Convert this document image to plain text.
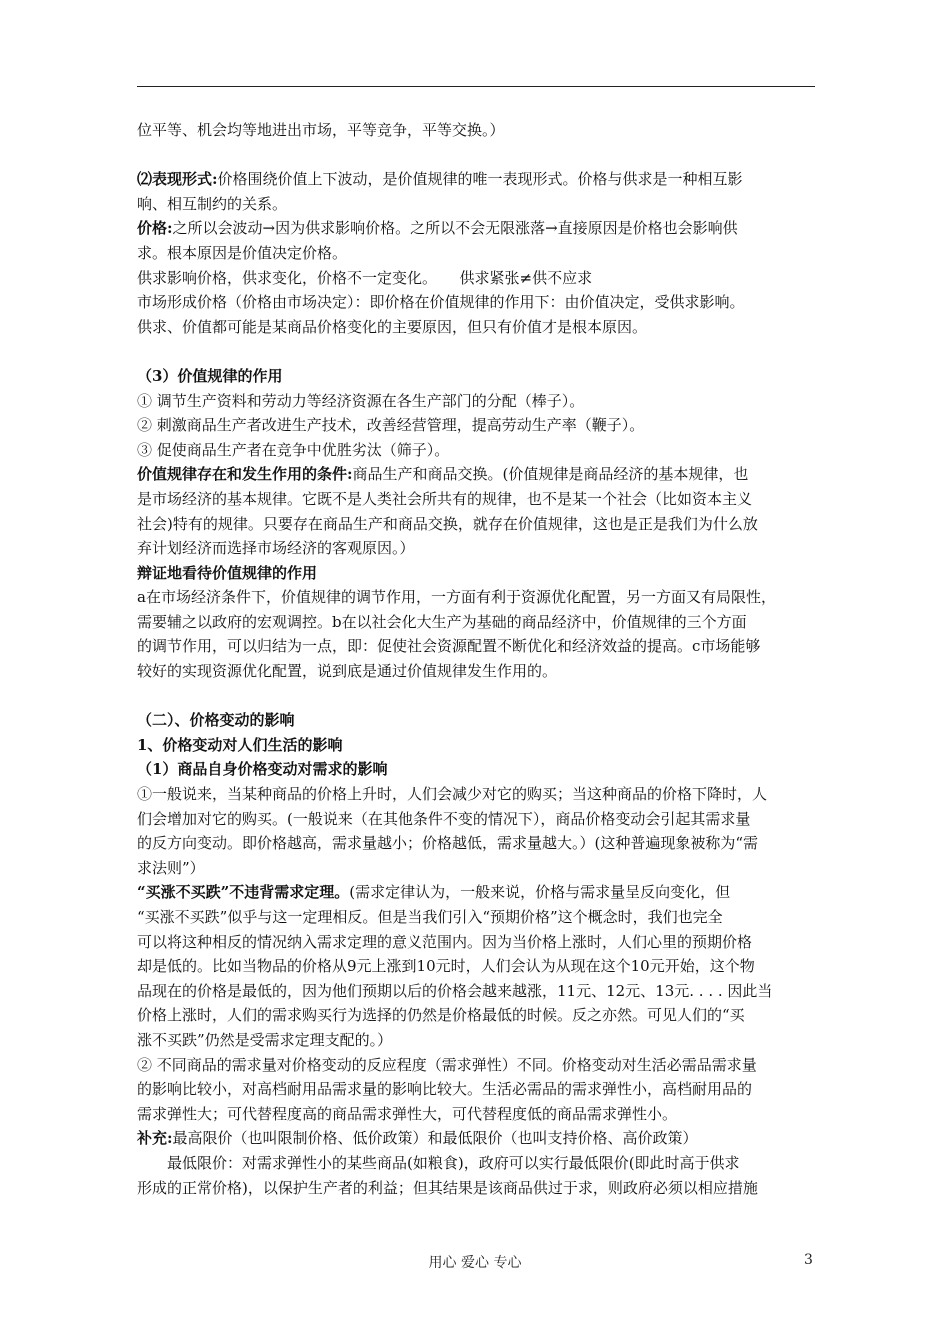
位平等、机会均等地进出市场，平等竞争，平等交换。）
⑵表现形式:价格围绕价值上下波动，是价值规律的唯一表现形式。价格与供求是一种相互影
响、相互制约的关系。
价格:之所以会波动→因为供求影响价格。之所以不会无限涨落→直接原因是价格也会影响供
求。根本原因是价值决定价格。
供求影响价格，供求变化，价格不一定变化。　　供求紧张≠供不应求
市场形成价格（价格由市场决定）：即价格在价值规律的作用下：由价值决定，受供求影响。
供求、价值都可能是某商品价格变化的主要原因，但只有价值才是根本原因。
（3）价值规律的作用
① 调节生产资料和劳动力等经济资源在各生产部门的分配（棒子）。
② 刺激商品生产者改进生产技术，改善经营管理，提高劳动生产率（鞭子）。
③ 促使商品生产者在竞争中优胜劣汰（筛子）。
价值规律存在和发生作用的条件:商品生产和商品交换。(价值规律是商品经济的基本规律，也
是市场经济的基本规律。它既不是人类社会所共有的规律，也不是某一个社会（比如资本主义
社会)特有的规律。只要存在商品生产和商品交换，就存在价值规律，这也是正是我们为什么放
弃计划经济而选择市场经济的客观原因。）
辩证地看待价值规律的作用
a在市场经济条件下，价值规律的调节作用，一方面有利于资源优化配置，另一方面又有局限性，
需要辅之以政府的宏观调控。b在以社会化大生产为基础的商品经济中，价值规律的三个方面
的调节作用，可以归结为一点，即：促使社会资源配置不断优化和经济效益的提高。c市场能够
较好的实现资源优化配置，说到底是通过价值规律发生作用的。
（二）、价格变动的影响
1、价格变动对人们生活的影响
（1）商品自身价格变动对需求的影响
①一般说来，当某种商品的价格上升时，人们会减少对它的购买；当这种商品的价格下降时，人
们会增加对它的购买。(一般说来（在其他条件不变的情况下），商品价格变动会引起其需求量
的反方向变动。即价格越高，需求量越小；价格越低，需求量越大。）(这种普遍现象被称为“需
求法则”）
“买涨不买跌”不违背需求定理。(需求定律认为，一般来说，价格与需求量呈反向变化，但
“买涨不买跌”似乎与这一定理相反。但是当我们引入“预期价格”这个概念时，我们也完全
可以将这种相反的情况纳入需求定理的意义范围内。因为当价格上涨时，人们心里的预期价格
却是低的。比如当物品的价格从9元上涨到10元时，人们会认为从现在这个10元开始，这个物
品现在的价格是最低的，因为他们预期以后的价格会越来越涨，11元、12元、13元. . . . 因此当
价格上涨时，人们的需求购买行为选择的仍然是价格最低的时候。反之亦然。可见人们的“买
涨不买跌”仍然是受需求定理支配的。）
② 不同商品的需求量对价格变动的反应程度（需求弹性）不同。价格变动对生活必需品需求量
的影响比较小，对高档耐用品需求量的影响比较大。生活必需品的需求弹性小，高档耐用品的
需求弹性大；可代替程度高的商品需求弹性大，可代替程度低的商品需求弹性小。
补充:最高限价（也叫限制价格、低价政策）和最低限价（也叫支持价格、高价政策）
最低限价：对需求弹性小的某些商品(如粮食)，政府可以实行最低限价(即此时高于供求
形成的正常价格)，以保护生产者的利益；但其结果是该商品供过于求，则政府必须以相应措施
用心 爱心 专心	3
